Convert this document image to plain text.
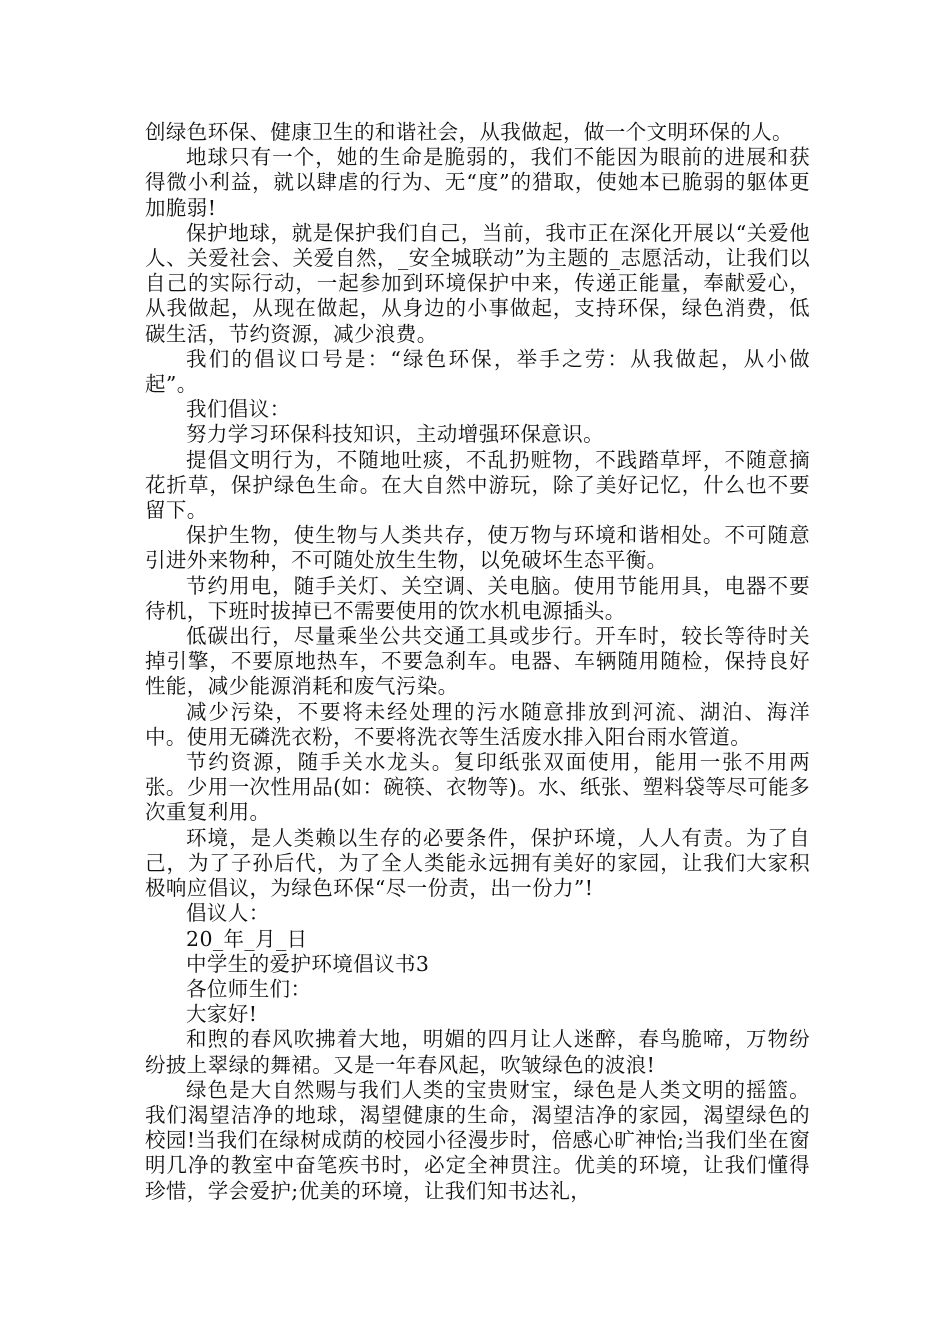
创绿色环保、健康卫生的和谐社会，从我做起，做一个文明环保的人。

地球只有一个，她的生命是脆弱的，我们不能因为眼前的进展和获得微小利益，就以肆虐的行为、无“度”的猎取，使她本已脆弱的躯体更加脆弱!

保护地球，就是保护我们自己，当前，我市正在深化开展以“关爱他人、关爱社会、关爱自然，_安全城联动”为主题的_志愿活动，让我们以自己的实际行动，一起参加到环境保护中来，传递正能量，奉献爱心，从我做起，从现在做起，从身边的小事做起，支持环保，绿色消费，低碳生活，节约资源，减少浪费。

我们的倡议口号是：“绿色环保，举手之劳：从我做起，从小做起”。

我们倡议：

努力学习环保科技知识，主动增强环保意识。

提倡文明行为，不随地吐痰，不乱扔赃物，不践踏草坪，不随意摘花折草，保护绿色生命。在大自然中游玩，除了美好记忆，什么也不要留下。

保护生物，使生物与人类共存，使万物与环境和谐相处。不可随意引进外来物种，不可随处放生生物，以免破坏生态平衡。

节约用电，随手关灯、关空调、关电脑。使用节能用具，电器不要待机，下班时拔掉已不需要使用的饮水机电源插头。

低碳出行，尽量乘坐公共交通工具或步行。开车时，较长等待时关掉引擎，不要原地热车，不要急刹车。电器、车辆随用随检，保持良好性能，减少能源消耗和废气污染。

减少污染，不要将未经处理的污水随意排放到河流、湖泊、海洋中。使用无磷洗衣粉，不要将洗衣等生活废水排入阳台雨水管道。

节约资源，随手关水龙头。复印纸张双面使用，能用一张不用两张。少用一次性用品(如：碗筷、衣物等)。水、纸张、塑料袋等尽可能多次重复利用。

环境，是人类赖以生存的必要条件，保护环境，人人有责。为了自己，为了子孙后代，为了全人类能永远拥有美好的家园，让我们大家积极响应倡议，为绿色环保“尽一份责，出一份力”!

倡议人：

20_年_月_日

中学生的爱护环境倡议书3

各位师生们：

大家好!

和煦的春风吹拂着大地，明媚的四月让人迷醉，春鸟脆啼，万物纷纷披上翠绿的舞裙。又是一年春风起，吹皱绿色的波浪!

绿色是大自然赐与我们人类的宝贵财宝，绿色是人类文明的摇篮。我们渴望洁净的地球，渴望健康的生命，渴望洁净的家园，渴望绿色的校园!当我们在绿树成荫的校园小径漫步时，倍感心旷神怡;当我们坐在窗明几净的教室中奋笔疾书时，必定全神贯注。优美的环境，让我们懂得珍惜，学会爱护;优美的环境，让我们知书达礼，
